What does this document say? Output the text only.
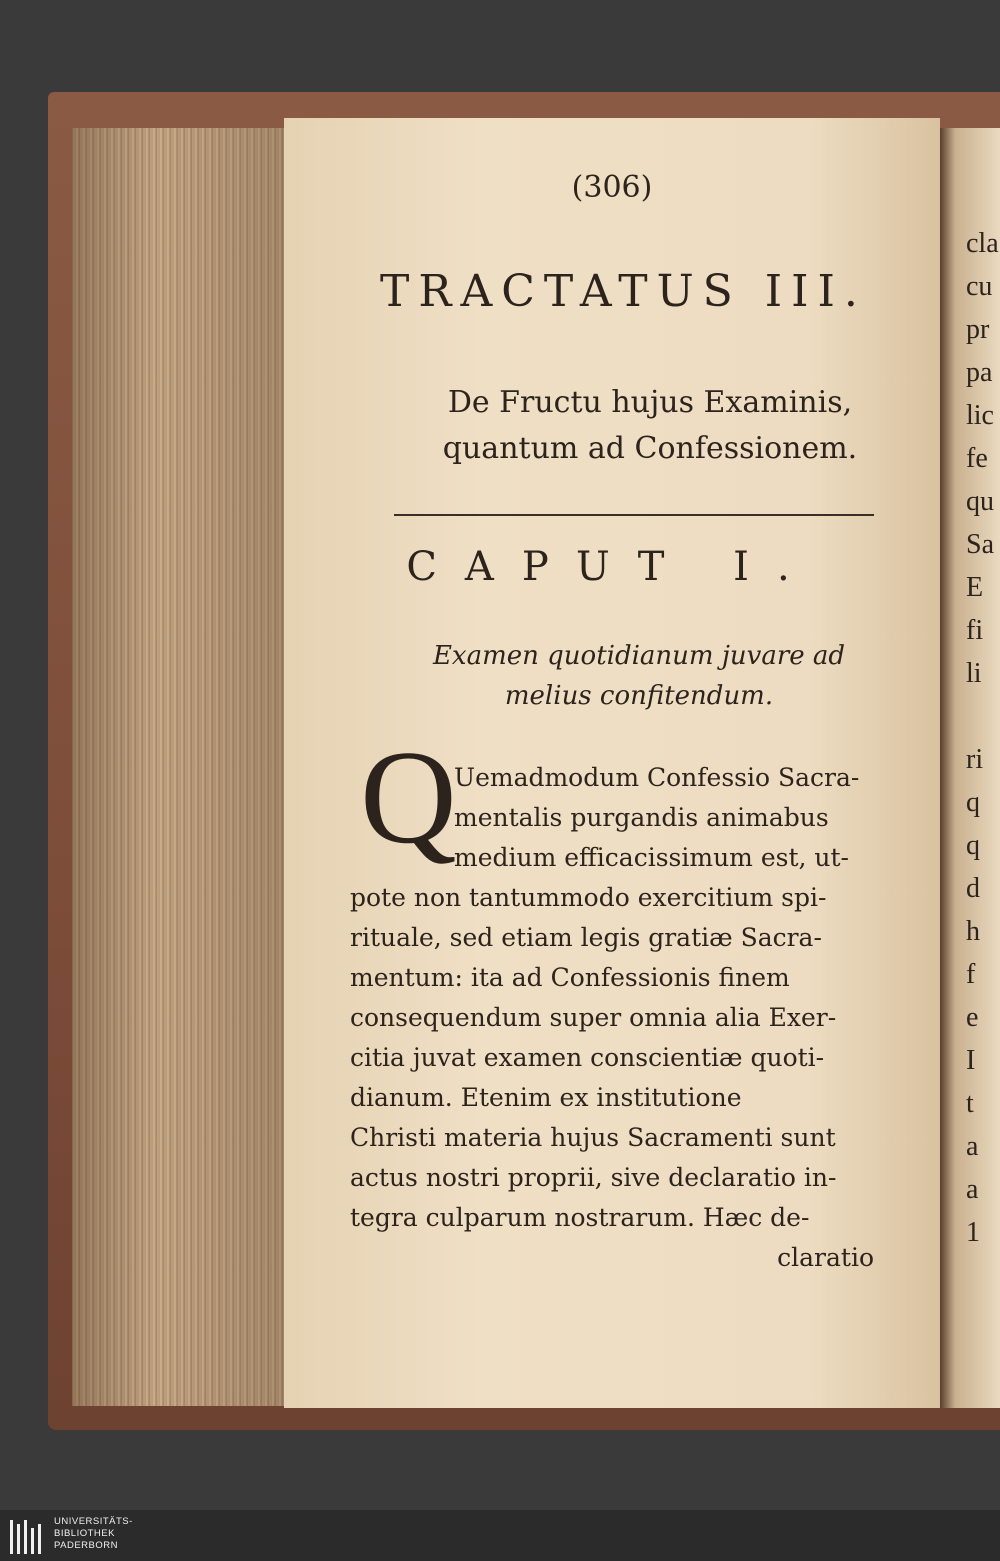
cla
cu
pr
pa
lic
fe
qu
Sa
E
fi
li

ri
q
q
d
h
f
e
I
t
a
a
1
(306)
TRACTATUS III.
De Fructu hujus Examinis,
quantum ad Confessionem.
CAPUT I.
Examen quotidianum juvare ad
melius confitendum.
Q
Uemadmodum Confessio Sacra-
mentalis purgandis animabus
medium efficacissimum est, ut-
pote non tantummodo exercitium spi-
rituale, sed etiam legis gratiæ Sacra-
mentum: ita ad Confessionis finem
consequendum super omnia alia Exer-
citia juvat examen conscientiæ quoti-
dianum. Etenim ex institutione
Christi materia hujus Sacramenti sunt
actus nostri proprii, sive declaratio in-
tegra culparum nostrarum. Hæc de-
claratio
UNIVERSITÄTS-
BIBLIOTHEK
PADERBORN
